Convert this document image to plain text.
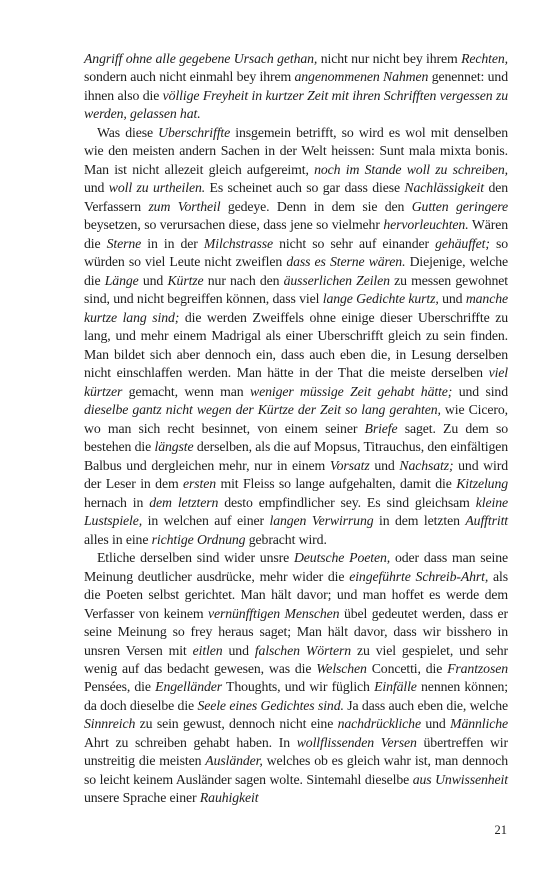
Angriff ohne alle gegebene Ursach gethan, nicht nur nicht bey ihrem Rechten, sondern auch nicht einmahl bey ihrem angenommenen Nahmen genennet: und ihnen also die völlige Freyheit in kurtzer Zeit mit ihren Schrifften vergessen zu werden, gelassen hat.

Was diese Uberschriffte insgemein betrifft, so wird es wol mit denselben wie den meisten andern Sachen in der Welt heissen: Sunt mala mixta bonis. Man ist nicht allezeit gleich aufgereimt, noch im Stande woll zu schreiben, und woll zu urtheilen. Es scheinet auch so gar dass diese Nachlässigkeit den Verfassern zum Vortheil gedeye. Denn in dem sie den Gutten geringere beysetzen, so verursachen diese, dass jene so vielmehr hervorleuchten. Wären die Sterne in in der Milchstrasse nicht so sehr auf einander gehäuffet; so würden so viel Leute nicht zweiflen dass es Sterne wären. Diejenige, welche die Länge und Kürtze nur nach den äusserlichen Zeilen zu messen gewohnet sind, und nicht begreiffen können, dass viel lange Gedichte kurtz, und manche kurtze lang sind; die werden Zweiffels ohne einige dieser Uberschriffte zu lang, und mehr einem Madrigal als einer Uberschrifft gleich zu sein finden. Man bildet sich aber dennoch ein, dass auch eben die, in Lesung derselben nicht einschlaffen werden. Man hätte in der That die meiste derselben viel kürtzer gemacht, wenn man weniger müssige Zeit gehabt hätte; und sind dieselbe gantz nicht wegen der Kürtze der Zeit so lang gerahten, wie Cicero, wo man sich recht besinnet, von einem seiner Briefe saget. Zu dem so bestehen die längste derselben, als die auf Mopsus, Titrauchus, den einfältigen Balbus und dergleichen mehr, nur in einem Vorsatz und Nachsatz; und wird der Leser in dem ersten mit Fleiss so lange aufgehalten, damit die Kitzelung hernach in dem letztern desto empfindlicher sey. Es sind gleichsam kleine Lustspiele, in welchen auf einer langen Verwirrung in dem letzten Aufftritt alles in eine richtige Ordnung gebracht wird.

Etliche derselben sind wider unsre Deutsche Poeten, oder dass man seine Meinung deutlicher ausdrücke, mehr wider die eingeführte Schreib-Ahrt, als die Poeten selbst gerichtet. Man hält davor; und man hoffet es werde dem Verfasser von keinem vernünfftigen Menschen übel gedeutet werden, dass er seine Meinung so frey heraus saget; Man hält davor, dass wir bisshero in unsren Versen mit eitlen und falschen Wörtern zu viel gespielet, und sehr wenig auf das bedacht gewesen, was die Welschen Concetti, die Frantzosen Pensées, die Engelländer Thoughts, und wir füglich Einfälle nennen können; da doch dieselbe die Seele eines Gedichtes sind. Ja dass auch eben die, welche Sinnreich zu sein gewust, dennoch nicht eine nachdrückliche und Männliche Ahrt zu schreiben gehabt haben. In wollflissenden Versen übertreffen wir unstreitig die meisten Ausländer, welches ob es gleich wahr ist, man dennoch so leicht keinem Ausländer sagen wolte. Sintemahl dieselbe aus Unwissenheit unsere Sprache einer Rauhigkeit

21
